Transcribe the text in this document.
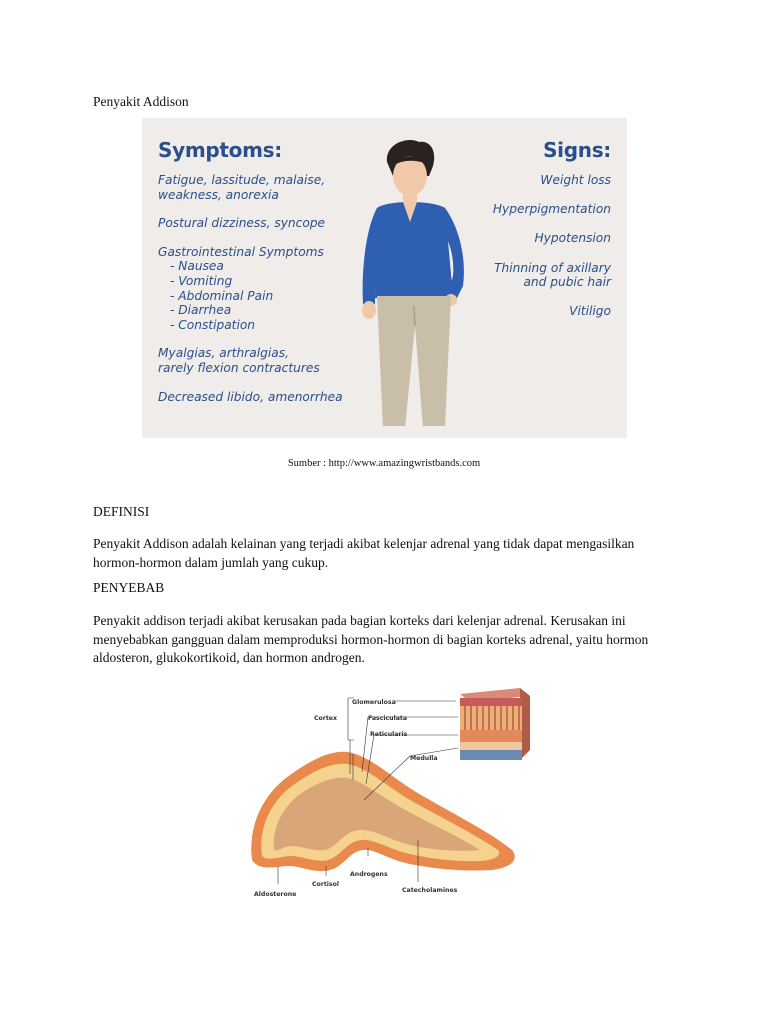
Penyakit Addison
Symptoms:	Signs:
Fatigue, lassitude, malaise,
weakness, anorexia
Postural dizziness, syncope
Gastrointestinal Symptoms
- Nausea
- Vomiting
- Abdominal Pain
- Diarrhea
- Constipation
Myalgias, arthralgias,
rarely flexion contractures
Decreased libido, amenorrhea
Weight loss
Hyperpigmentation
Hypotension
Thinning of axillary
and pubic hair
Vitiligo
Sumber : http://www.amazingwristbands.com
DEFINISI
Penyakit Addison adalah kelainan yang terjadi akibat kelenjar adrenal yang tidak dapat mengasilkan hormon-hormon dalam jumlah yang cukup.
PENYEBAB
Penyakit addison terjadi akibat kerusakan pada bagian korteks dari kelenjar adrenal. Kerusakan ini menyebabkan gangguan dalam memproduksi hormon-hormon di bagian korteks adrenal, yaitu hormon aldosteron, glukokortikoid, dan hormon androgen.
Glomerulosa
Cortex	Fasciculata
Reticularis
Medulla
Androgens
Cortisol
Catecholamines
Aldosterone
